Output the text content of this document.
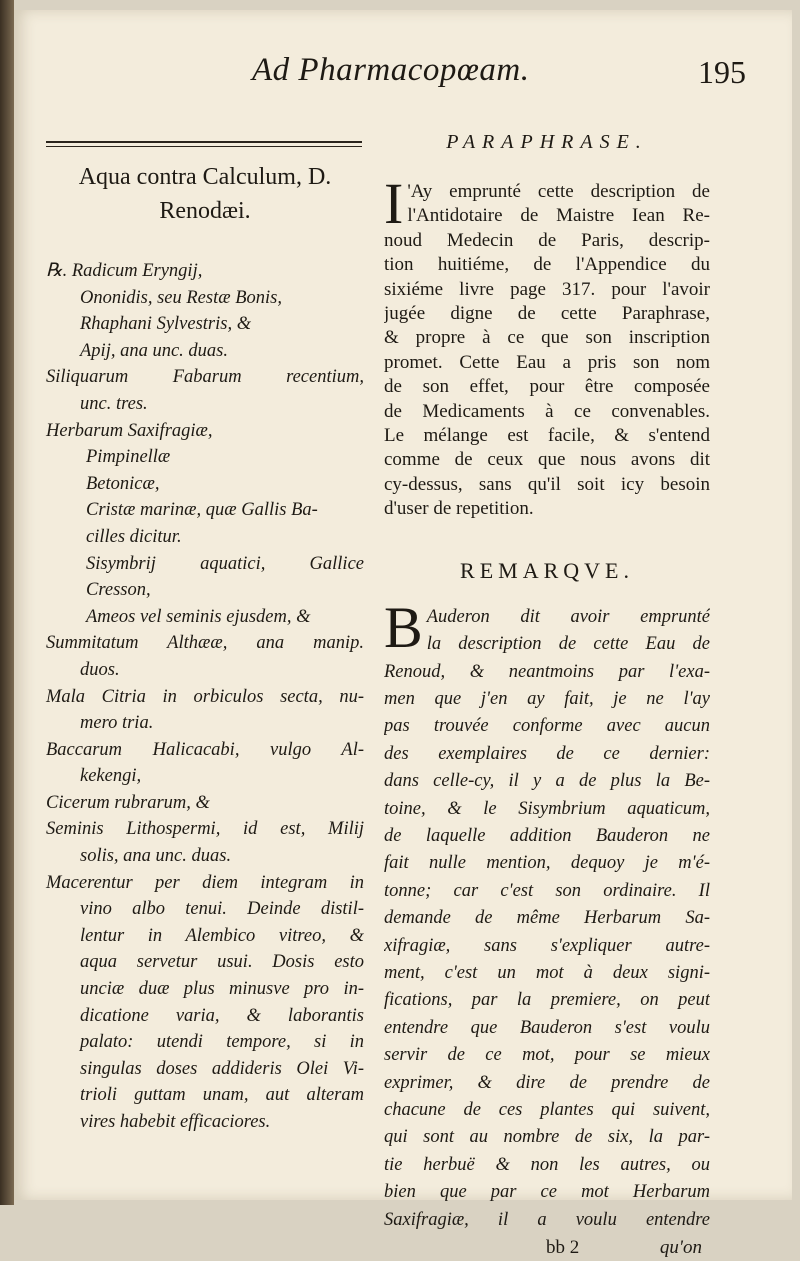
Ad Pharmacopœam.	195
Aqua contra Calculum, D.
Renodæi.
℞. Radicum Eryngij,
Ononidis, seu Restæ Bonis,
Rhaphani Sylvestris, &
Apij, ana unc. duas.
Siliquarum Fabarum recentium,
unc. tres.
Herbarum Saxifragiæ,
Pimpinellæ
Betonicæ,
Cristæ marinæ, quæ Gallis Ba-
cilles dicitur.
Sisymbrij aquatici, Gallice
Cresson,
Ameos vel seminis ejusdem, &
Summitatum Althææ, ana manip.
duos.
Mala Citria in orbiculos secta, nu-
mero tria.
Baccarum Halicacabi, vulgo Al-
kekengi,
Cicerum rubrarum, &
Seminis Lithospermi, id est, Milij
solis, ana unc. duas.
Macerentur per diem integram in
vino albo tenui. Deinde distil-
lentur in Alembico vitreo, &
aqua servetur usui. Dosis esto
unciæ duæ plus minusve pro in-
dicatione varia, & laborantis
palato: utendi tempore, si in
singulas doses addideris Olei Vi-
trioli guttam unam, aut alteram
vires habebit efficaciores.
PARAPHRASE.
I 'Ay emprunté cette description de
l'Antidotaire de Maistre Iean Re-
noud Medecin de Paris, descrip-
tion huitiéme, de l'Appendice du
sixiéme livre page 317. pour l'avoir
jugée digne de cette Paraphrase,
& propre à ce que son inscription
promet. Cette Eau a pris son nom
de son effet, pour être composée
de Medicaments à ce convenables.
Le mélange est facile, & s'entend
comme de ceux que nous avons dit
cy-dessus, sans qu'il soit icy besoin
d'user de repetition.
REMARQVE.
B Auderon dit avoir emprunté
la description de cette Eau de
Renoud, & neantmoins par l'exa-
men que j'en ay fait, je ne l'ay
pas trouvée conforme avec aucun
des exemplaires de ce dernier:
dans celle-cy, il y a de plus la Be-
toine, & le Sisymbrium aquaticum,
de laquelle addition Bauderon ne
fait nulle mention, dequoy je m'é-
tonne; car c'est son ordinaire. Il
demande de même Herbarum Sa-
xifragiæ, sans s'expliquer autre-
ment, c'est un mot à deux signi-
fications, par la premiere, on peut
entendre que Bauderon s'est voulu
servir de ce mot, pour se mieux
exprimer, & dire de prendre de
chacune de ces plantes qui suivent,
qui sont au nombre de six, la par-
tie herbuë & non les autres, ou
bien que par ce mot Herbarum
Saxifragiæ, il a voulu entendre
bb 2	qu'on
